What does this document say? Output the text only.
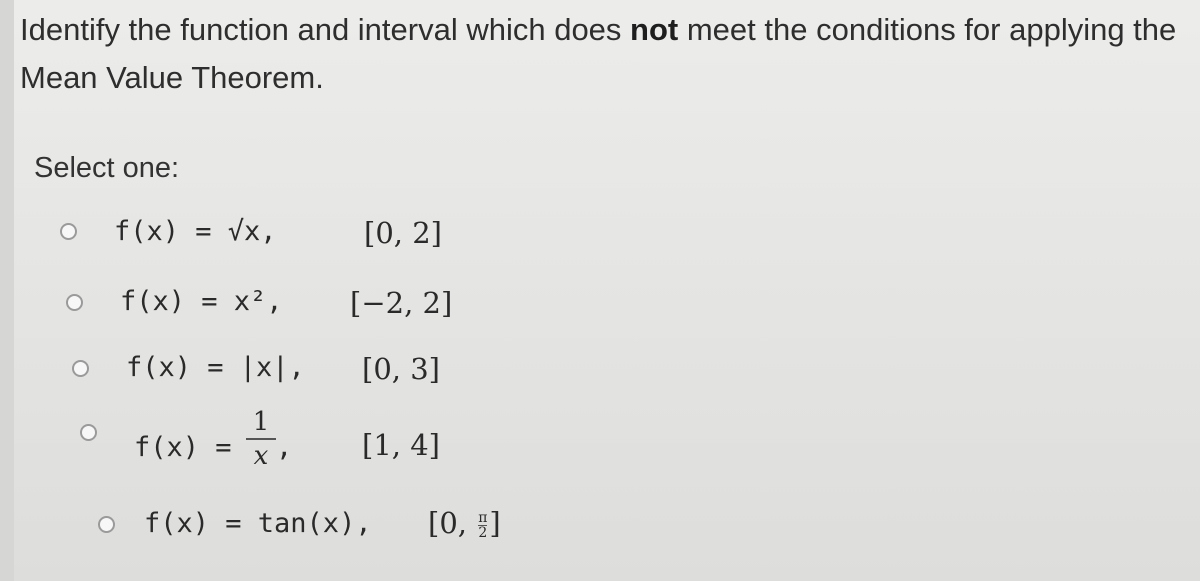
Identify the function and interval which does not meet the conditions for applying the
Mean Value Theorem.
Select one:
f(x) = √x,	[0, 2]
f(x) = x², [−2, 2]
f(x) = |x|, [0, 3]
f(x) =
1
x , [1, 4]
f(x) = tan(x), [0, $\frac{\pi}{2}$]
